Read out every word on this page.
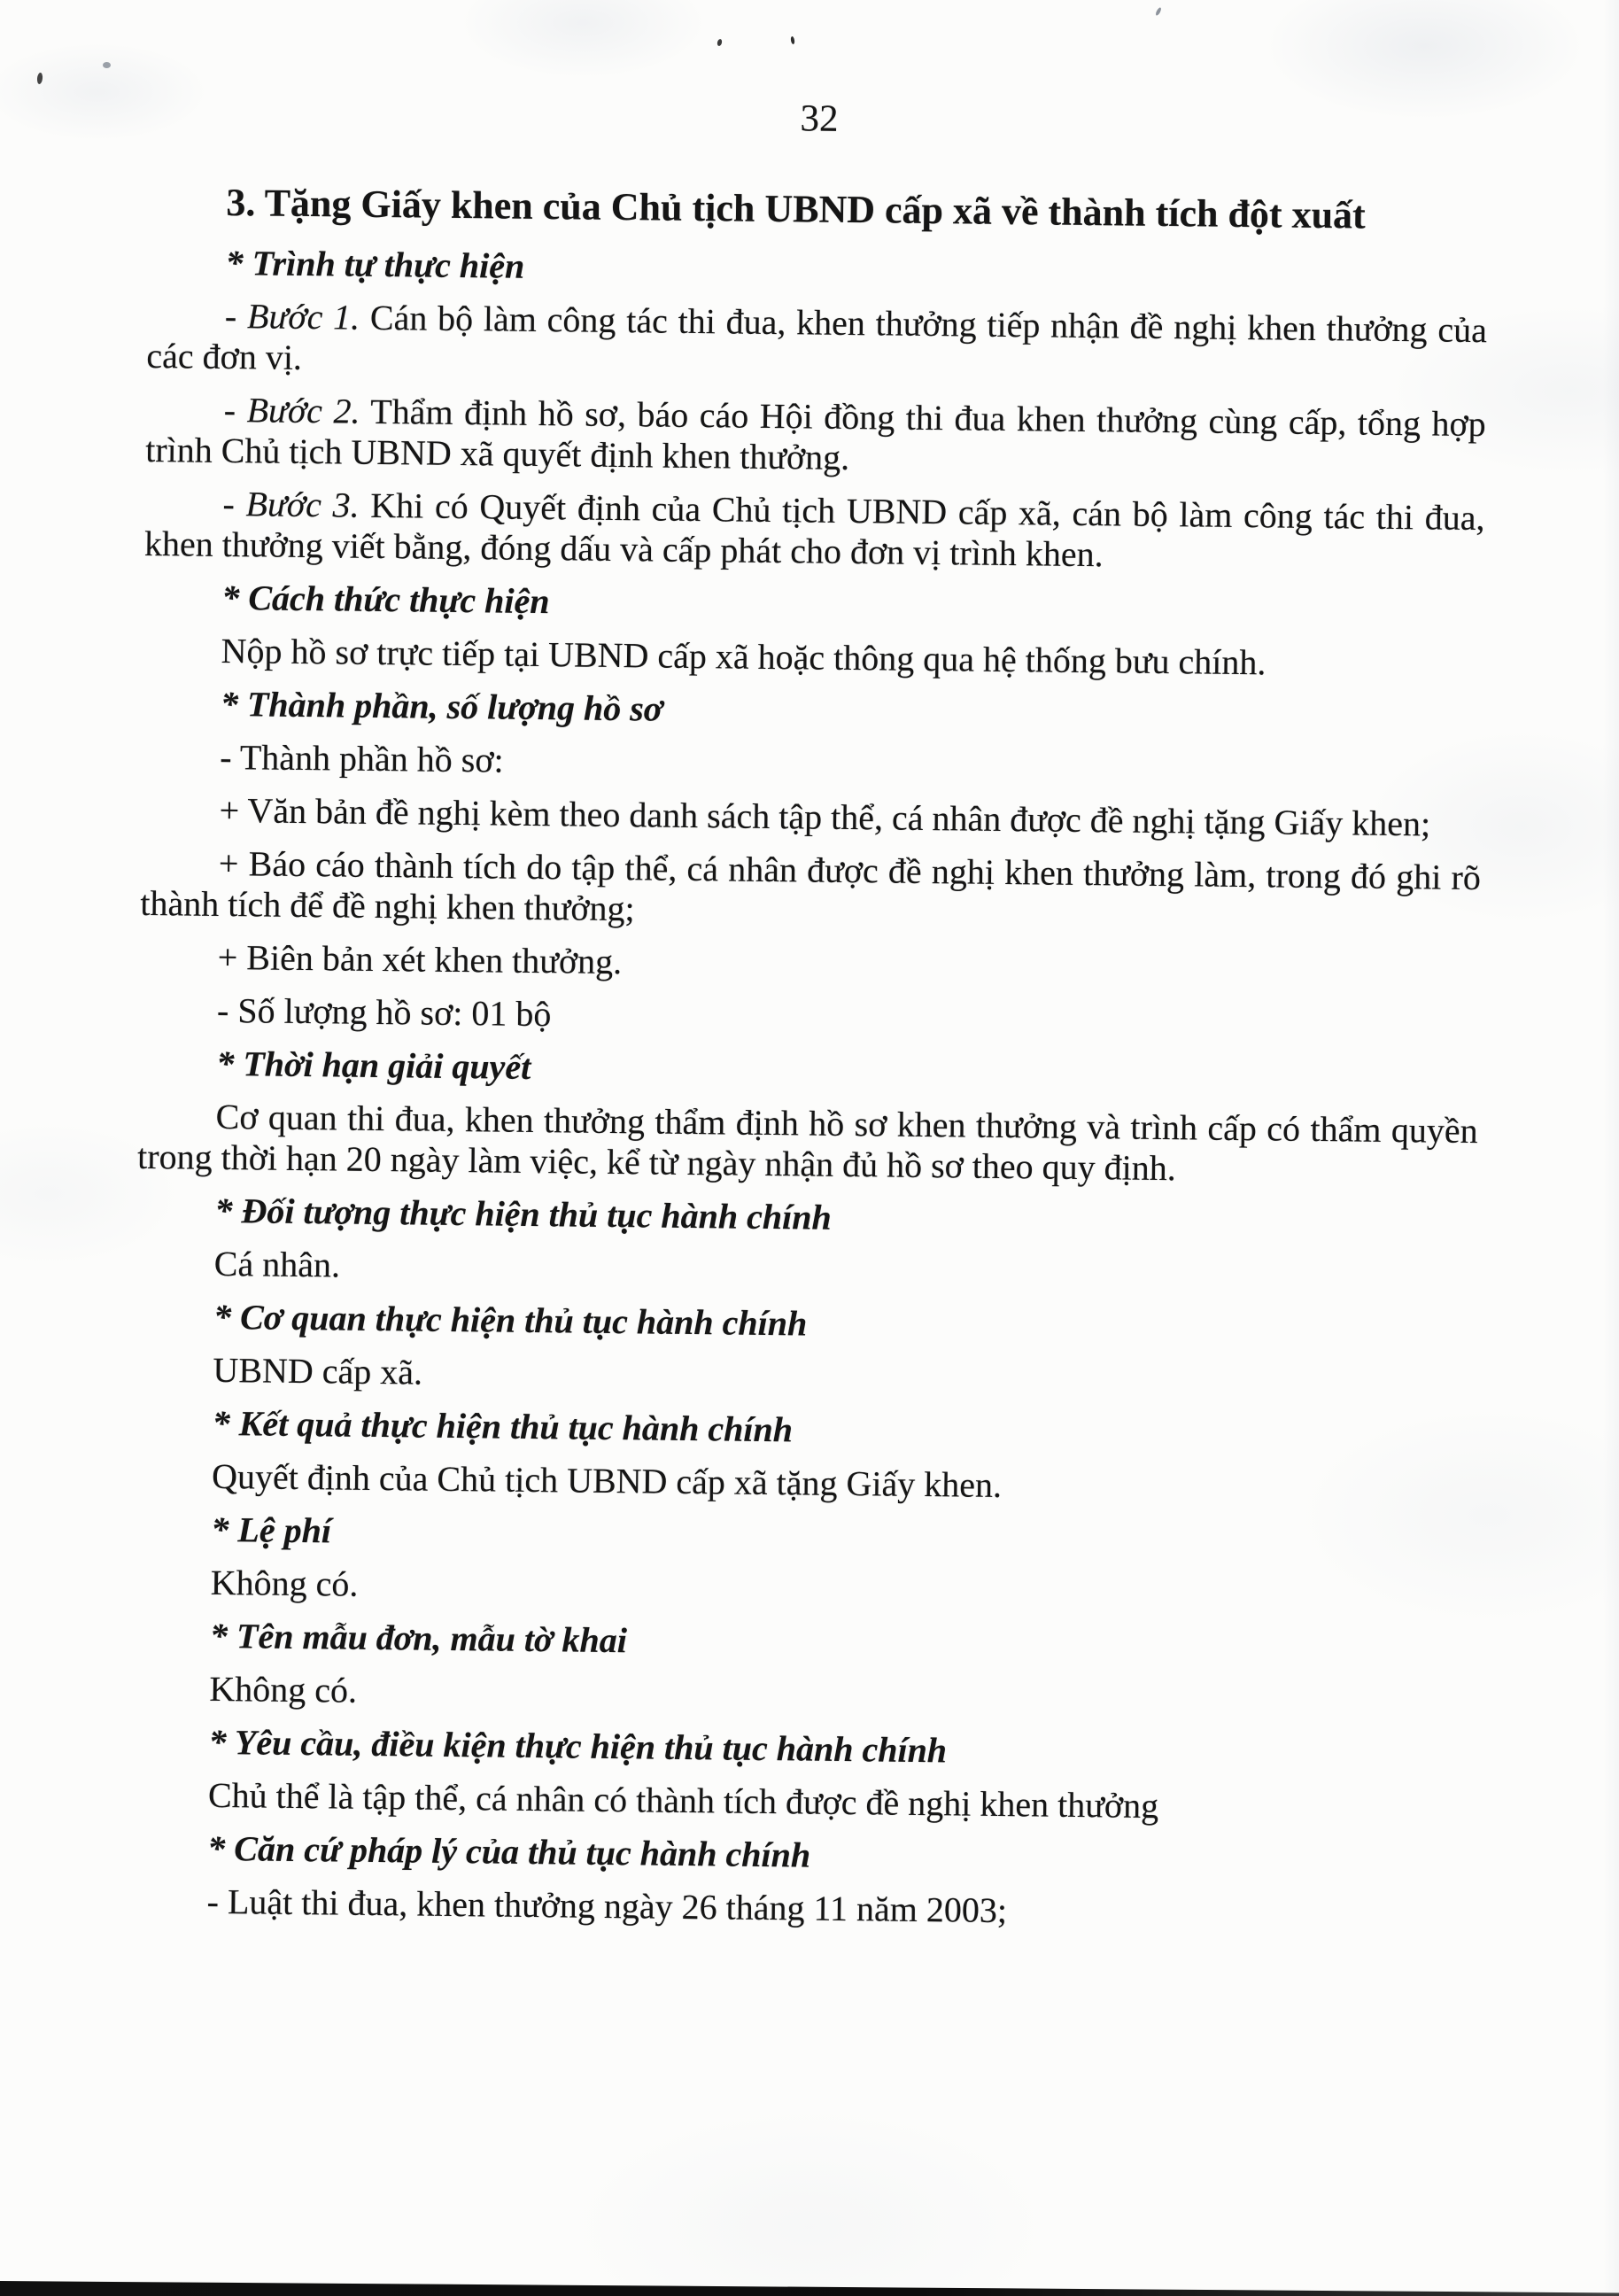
32
3. Tặng Giấy khen của Chủ tịch UBND cấp xã về thành tích đột xuất
* Trình tự thực hiện
- Bước 1. Cán bộ làm công tác thi đua, khen thưởng tiếp nhận đề nghị khen thưởng của các đơn vị.
- Bước 2. Thẩm định hồ sơ, báo cáo Hội đồng thi đua khen thưởng cùng cấp, tổng hợp trình Chủ tịch UBND xã quyết định khen thưởng.
- Bước 3. Khi có Quyết định của Chủ tịch UBND cấp xã, cán bộ làm công tác thi đua, khen thưởng viết bằng, đóng dấu và cấp phát cho đơn vị trình khen.
* Cách thức thực hiện
Nộp hồ sơ trực tiếp tại UBND cấp xã hoặc thông qua hệ thống bưu chính.
* Thành phần, số lượng hồ sơ
- Thành phần hồ sơ:
+ Văn bản đề nghị kèm theo danh sách tập thể, cá nhân được đề nghị tặng Giấy khen;
+ Báo cáo thành tích do tập thể, cá nhân được đề nghị khen thưởng làm, trong đó ghi rõ thành tích để đề nghị khen thưởng;
+ Biên bản xét khen thưởng.
- Số lượng hồ sơ: 01 bộ
* Thời hạn giải quyết
Cơ quan thi đua, khen thưởng thẩm định hồ sơ khen thưởng và trình cấp có thẩm quyền trong thời hạn 20 ngày làm việc, kể từ ngày nhận đủ hồ sơ theo quy định.
* Đối tượng thực hiện thủ tục hành chính
Cá nhân.
* Cơ quan thực hiện thủ tục hành chính
UBND cấp xã.
* Kết quả thực hiện thủ tục hành chính
Quyết định của Chủ tịch UBND cấp xã tặng Giấy khen.
* Lệ phí
Không có.
* Tên mẫu đơn, mẫu tờ khai
Không có.
* Yêu cầu, điều kiện thực hiện thủ tục hành chính
Chủ thể là tập thể, cá nhân có thành tích được đề nghị khen thưởng
* Căn cứ pháp lý của thủ tục hành chính
- Luật thi đua, khen thưởng ngày 26 tháng 11 năm 2003;
